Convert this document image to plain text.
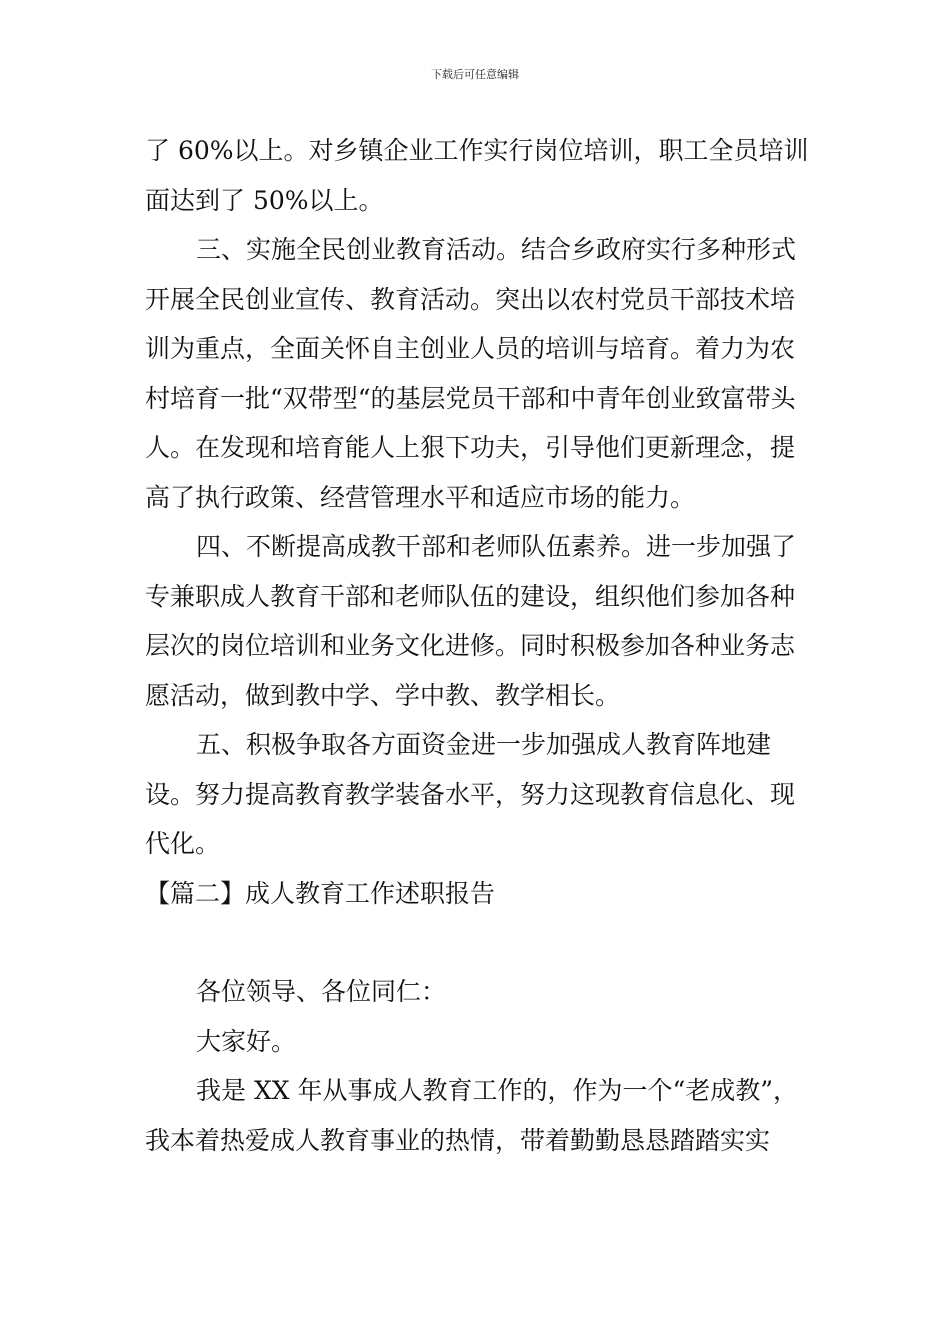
下载后可任意编辑

了 60%以上。对乡镇企业工作实行岗位培训，职工全员培训面达到了 50%以上。

三、实施全民创业教育活动。结合乡政府实行多种形式开展全民创业宣传、教育活动。突出以农村党员干部技术培训为重点，全面关怀自主创业人员的培训与培育。着力为农村培育一批“双带型“的基层党员干部和中青年创业致富带头人。在发现和培育能人上狠下功夫，引导他们更新理念，提高了执行政策、经营管理水平和适应市场的能力。

四、不断提高成教干部和老师队伍素养。进一步加强了专兼职成人教育干部和老师队伍的建设，组织他们参加各种层次的岗位培训和业务文化进修。同时积极参加各种业务志愿活动，做到教中学、学中教、教学相长。

五、积极争取各方面资金进一步加强成人教育阵地建设。努力提高教育教学装备水平，努力这现教育信息化、现代化。

【篇二】成人教育工作述职报告

各位领导、各位同仁：

大家好。

我是 XX 年从事成人教育工作的，作为一个“老成教”，我本着热爱成人教育事业的热情，带着勤勤恳恳踏踏实实
